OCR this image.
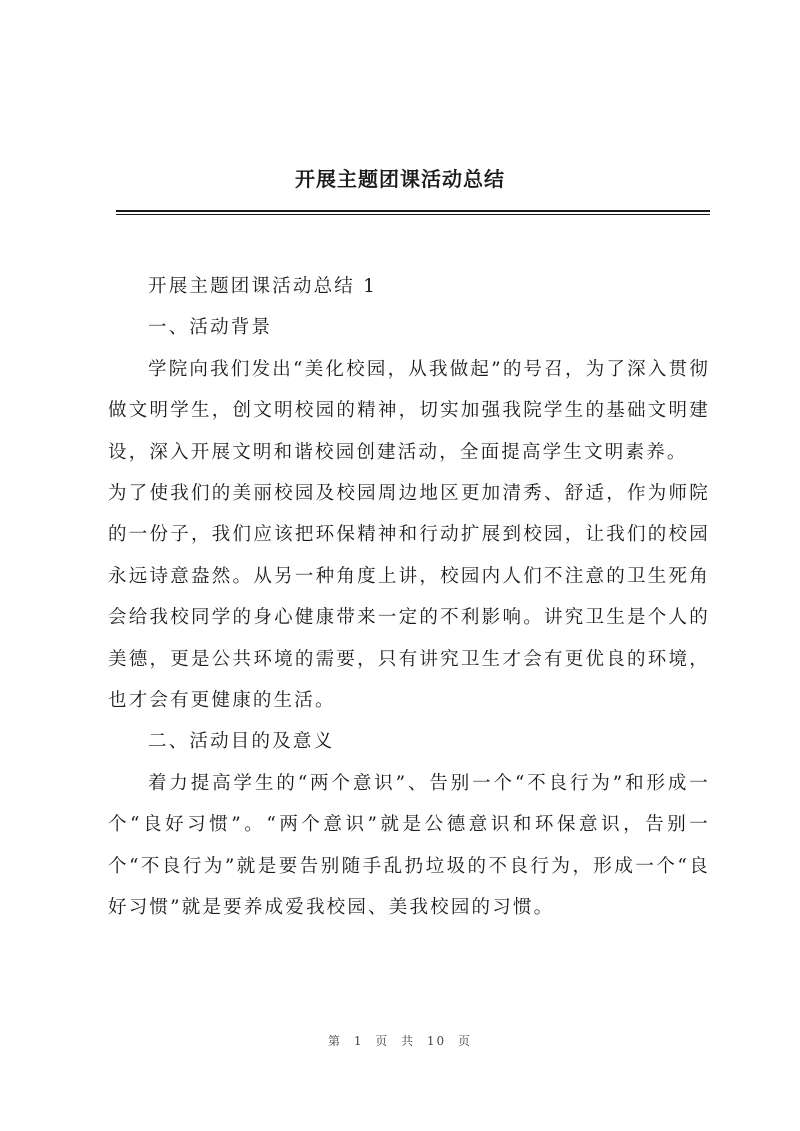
开展主题团课活动总结

开展主题团课活动总结 1

一、活动背景

学院向我们发出“美化校园，从我做起”的号召，为了深入贯彻做文明学生，创文明校园的精神，切实加强我院学生的基础文明建设，深入开展文明和谐校园创建活动，全面提高学生文明素养。

为了使我们的美丽校园及校园周边地区更加清秀、舒适，作为师院的一份子，我们应该把环保精神和行动扩展到校园，让我们的校园永远诗意盎然。从另一种角度上讲，校园内人们不注意的卫生死角会给我校同学的身心健康带来一定的不利影响。讲究卫生是个人的美德，更是公共环境的需要，只有讲究卫生才会有更优良的环境，也才会有更健康的生活。

二、活动目的及意义

着力提高学生的“两个意识”、告别一个“不良行为”和形成一个“良好习惯”。“两个意识”就是公德意识和环保意识，告别一个“不良行为”就是要告别随手乱扔垃圾的不良行为，形成一个“良好习惯”就是要养成爱我校园、美我校园的习惯。

第 1 页 共 10 页
